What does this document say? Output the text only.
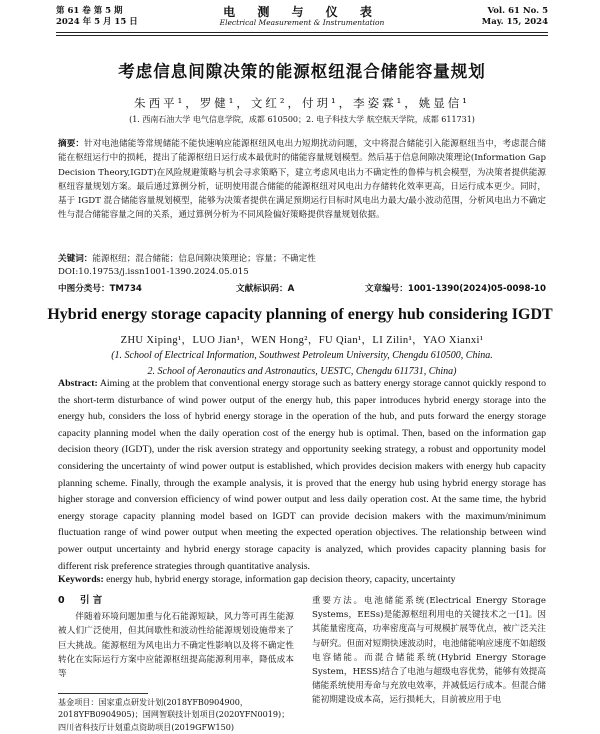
第 61 卷 第 5 期
2024 年 5 月 15 日
电 测 与 仪 表
Electrical Measurement & Instrumentation
Vol. 61 No. 5
May. 15, 2024
考虑信息间隙决策的能源枢纽混合储能容量规划
朱西平¹，罗健¹，文红²，付玥¹，李姿霖¹，姚显信¹
(1. 西南石油大学 电气信息学院，成都 610500；2. 电子科技大学 航空航天学院，成都 611731)
摘要：针对电池储能等常规储能不能快速响应能源枢纽风电出力短期扰动问题，文中将混合储能引入能源枢纽当中，考虑混合储能在枢纽运行中的损耗，提出了能源枢纽日运行成本最优时的储能容量规划模型。然后基于信息间隙决策理论(Information Gap Decision Theory,IGDT)在风险规避策略与机会寻求策略下，建立考虑风电出力不确定性的鲁棒与机会模型，为决策者提供能源枢纽容量规划方案。最后通过算例分析，证明使用混合储能的能源枢纽对风电出力存储转化效率更高，日运行成本更少。同时，基于 IGDT 混合储能容量规划模型，能够为决策者提供在满足预期运行目标时风电出力最大/最小波动范围，分析风电出力不确定性与混合储能容量之间的关系，通过算例分析为不同风险偏好策略提供容量规划依据。
关键词：能源枢纽；混合储能；信息间隙决策理论；容量；不确定性
DOI:10.19753/j.issn1001-1390.2024.05.015
中图分类号：TM734	文献标识码：A	文章编号：1001-1390(2024)05-0098-10
Hybrid energy storage capacity planning of energy hub considering IGDT
ZHU Xiping¹，LUO Jian¹，WEN Hong²，FU Qian¹，LI Zilin¹，YAO Xianxi¹
(1. School of Electrical Information, Southwest Petroleum University, Chengdu 610500, China.
2. School of Aeronautics and Astronautics, UESTC, Chengdu 611731, China)
Abstract: Aiming at the problem that conventional energy storage such as battery energy storage cannot quickly respond to the short-term disturbance of wind power output of the energy hub, this paper introduces hybrid energy storage into the energy hub, considers the loss of hybrid energy storage in the operation of the hub, and puts forward the energy storage capacity planning model when the daily operation cost of the energy hub is optimal. Then, based on the information gap decision theory (IGDT), under the risk aversion strategy and opportunity seeking strategy, a robust and opportunity model considering the uncertainty of wind power output is established, which provides decision makers with energy hub capacity planning scheme. Finally, through the example analysis, it is proved that the energy hub using hybrid energy storage has higher storage and conversion efficiency of wind power output and less daily operation cost. At the same time, the hybrid energy storage capacity planning model based on IGDT can provide decision makers with the maximum/minimum fluctuation range of wind power output when meeting the expected operation objectives. The relationship between wind power output uncertainty and hybrid energy storage capacity is analyzed, which provides capacity planning basis for different risk preference strategies through quantitative analysis.
Keywords: energy hub, hybrid energy storage, information gap decision theory, capacity, uncertainty
0 引 言
伴随着环境问题加重与化石能源短缺，风力等可再生能源被人们广泛使用，但其间歇性和波动性给能源规划设施带来了巨大挑战。能源枢纽为风电出力不确定性影响以及将不确定性转化在实际运行方案中应能源枢纽提高能源利用率，降低成本等
基金项目：国家重点研发计划(2018YFB0904900，2018YFB0904905)；国网智联技计划项目(2020YFN0019)；四川省科技厅计划重点资助项目(2019GFW150)
重要方法。电池储能系统(Electrical Energy Storage Systems，EESs)是能源枢纽利用电的关键技术之一[1]。因其能量密度高，功率密度高与可规模扩展等优点，被广泛关注与研究。但面对短期快速波动时，电池储能响应速度不如超级电容储能。而混合储能系统(Hybrid Energy Storage System，HESS)结合了电池与超级电容优势，能够有效提高储能系统使用寿命与充放电效率，并减低运行成本。但混合储能初期建设成本高，运行损耗大，目前被应用于电
